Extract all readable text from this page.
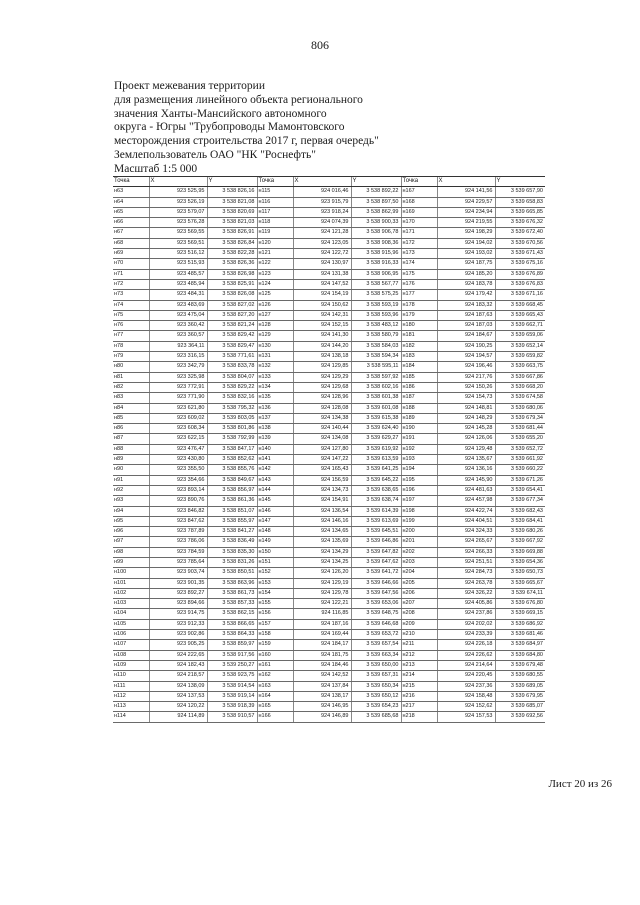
806
Проект межевания территории
для размещения линейного объекта регионального
значения Ханты-Мансийского автономного
округа - Югры "Трубопроводы Мамонтовского
месторождения строительства 2017 г, первая очередь"
Землепользователь ОАО "НК "Роснефть"
Масштаб 1:5 000
Точка	X	Y	Точка	X	Y	Точка	X	Y
н63	923 525,95	3 538 826,16	н115	924 016,46	3 538 892,22	н167	924 141,56	3 539 657,90
н64	923 526,19	3 538 821,08	н116	923 915,79	3 538 897,50	н168	924 229,57	3 539 658,83
н65	923 579,07	3 538 820,69	н117	923 918,24	3 538 862,99	н169	924 234,94	3 539 665,85
н66	923 576,28	3 538 821,03	н118	924 074,39	3 538 900,33	н170	924 219,55	3 539 676,32
н67	923 569,55	3 538 826,91	н119	924 121,28	3 538 906,78	н171	924 198,29	3 539 672,40
н68	923 569,51	3 538 826,84	н120	924 123,05	3 538 908,36	н172	924 194,02	3 539 670,56
н69	923 516,12	3 538 822,28	н121	924 122,72	3 538 915,96	н173	924 193,02	3 539 671,43
н70	923 515,93	3 538 826,36	н122	924 130,97	3 538 916,33	н174	924 187,75	3 539 675,16
н71	923 485,57	3 538 826,98	н123	924 131,38	3 538 906,95	н175	924 185,20	3 539 676,89
н72	923 485,94	3 538 825,91	н124	924 147,52	3 538 567,77	н176	924 183,78	3 539 676,83
н73	923 484,31	3 538 826,08	н125	924 154,19	3 538 575,25	н177	924 179,42	3 539 671,16
н74	923 483,69	3 538 827,02	н126	924 150,62	3 538 593,19	н178	924 183,32	3 539 668,45
н75	923 475,04	3 538 827,20	н127	924 142,31	3 538 593,96	н179	924 187,63	3 539 665,43
н76	923 360,42	3 538 821,24	н128	924 152,15	3 538 483,12	н180	924 187,03	3 539 662,71
н77	923 360,57	3 538 829,42	н129	924 141,30	3 538 580,79	н181	924 184,67	3 539 659,06
н78	923 364,11	3 538 829,47	н130	924 144,20	3 538 584,03	н182	924 190,25	3 539 652,14
н79	923 316,15	3 538 771,61	н131	924 138,18	3 538 594,34	н183	924 194,57	3 539 659,82
н80	923 342,79	3 538 833,78	н132	924 129,85	3 538 595,11	н184	924 196,46	3 539 663,75
н81	923 325,98	3 538 804,07	н133	924 129,29	3 538 597,92	н185	924 217,76	3 539 667,86
н82	923 772,91	3 538 829,22	н134	924 129,68	3 538 602,16	н186	924 150,26	3 539 668,20
н83	923 771,90	3 538 832,16	н135	924 128,96	3 538 601,38	н187	924 154,73	3 539 674,58
н84	923 621,80	3 538 795,32	н136	924 128,08	3 539 601,08	н188	924 148,81	3 539 680,06
н85	923 609,02	3 539 803,05	н137	924 134,38	3 539 615,38	н189	924 148,29	3 539 679,34
н86	923 608,34	3 538 801,86	н138	924 140,44	3 539 624,40	н190	924 145,28	3 539 681,44
н87	923 622,15	3 538 792,99	н139	924 134,08	3 539 629,27	н191	924 126,06	3 539 655,20
н88	923 476,47	3 538 847,17	н140	924 127,80	3 539 619,92	н192	924 129,48	3 539 652,72
н89	923 430,80	3 538 852,62	н141	924 147,22	3 539 613,59	н193	924 135,67	3 539 661,92
н90	923 355,50	3 538 855,76	н142	924 165,43	3 539 641,25	н194	924 136,16	3 539 660,22
н91	923 354,66	3 538 849,67	н143	924 156,59	3 539 645,22	н195	924 145,90	3 539 671,26
н92	923 893,14	3 538 856,97	н144	924 134,73	3 539 638,65	н196	924 481,63	3 539 654,41
н93	923 890,76	3 538 861,36	н145	924 154,91	3 539 638,74	н197	924 457,98	3 539 677,34
н94	923 846,82	3 538 851,07	н146	924 136,54	3 539 614,39	н198	924 422,74	3 539 682,43
н95	923 847,62	3 538 855,97	н147	924 146,16	3 539 613,69	н199	924 404,51	3 539 684,41
н96	923 787,89	3 538 841,27	н148	924 134,65	3 539 645,51	н200	924 324,33	3 539 680,26
н97	923 786,06	3 538 836,49	н149	924 135,69	3 539 646,86	н201	924 265,67	3 539 667,92
н98	923 784,59	3 538 835,30	н150	924 134,29	3 539 647,82	н202	924 266,33	3 539 669,88
н99	923 785,64	3 538 831,26	н151	924 134,25	3 539 647,62	н203	924 251,51	3 539 654,36
н100	923 903,74	3 538 850,51	н152	924 126,20	3 539 641,72	н204	924 284,73	3 539 650,73
н101	923 901,35	3 538 863,96	н153	924 129,19	3 539 646,66	н205	924 263,78	3 539 665,67
н102	923 892,27	3 538 861,73	н154	924 129,78	3 539 647,56	н206	924 326,22	3 539 674,11
н103	923 894,66	3 538 857,33	н155	924 122,21	3 539 653,06	н207	924 405,86	3 539 676,80
н104	923 914,75	3 538 862,15	н156	924 116,85	3 539 648,75	н208	924 237,86	3 539 669,15
н105	923 912,33	3 538 866,65	н157	924 187,16	3 539 646,68	н209	924 202,02	3 539 686,92
н106	923 902,86	3 538 864,33	н158	924 169,44	3 539 653,72	н210	924 233,39	3 539 681,46
н107	923 905,25	3 538 859,97	н159	924 184,17	3 539 657,54	н211	924 226,18	3 539 684,97
н108	924 222,65	3 538 917,56	н160	924 181,75	3 539 663,34	н212	924 226,62	3 539 684,80
н109	924 182,43	3 539 250,27	н161	924 184,46	3 539 650,00	н213	924 214,64	3 539 679,48
н110	924 218,57	3 538 923,75	н162	924 142,52	3 539 657,31	н214	924 220,45	3 539 680,55
н111	924 138,09	3 538 914,54	н163	924 137,84	3 539 650,34	н215	924 237,36	3 539 689,05
н112	924 137,53	3 538 919,14	н164	924 138,17	3 539 650,12	н216	924 158,48	3 539 679,95
н113	924 120,22	3 538 918,39	н165	924 146,95	3 539 654,23	н217	924 152,62	3 539 685,07
н114	924 114,89	3 538 910,57	н166	924 146,89	3 539 685,68	н218	924 157,53	3 539 692,56
Лист 20 из 26
